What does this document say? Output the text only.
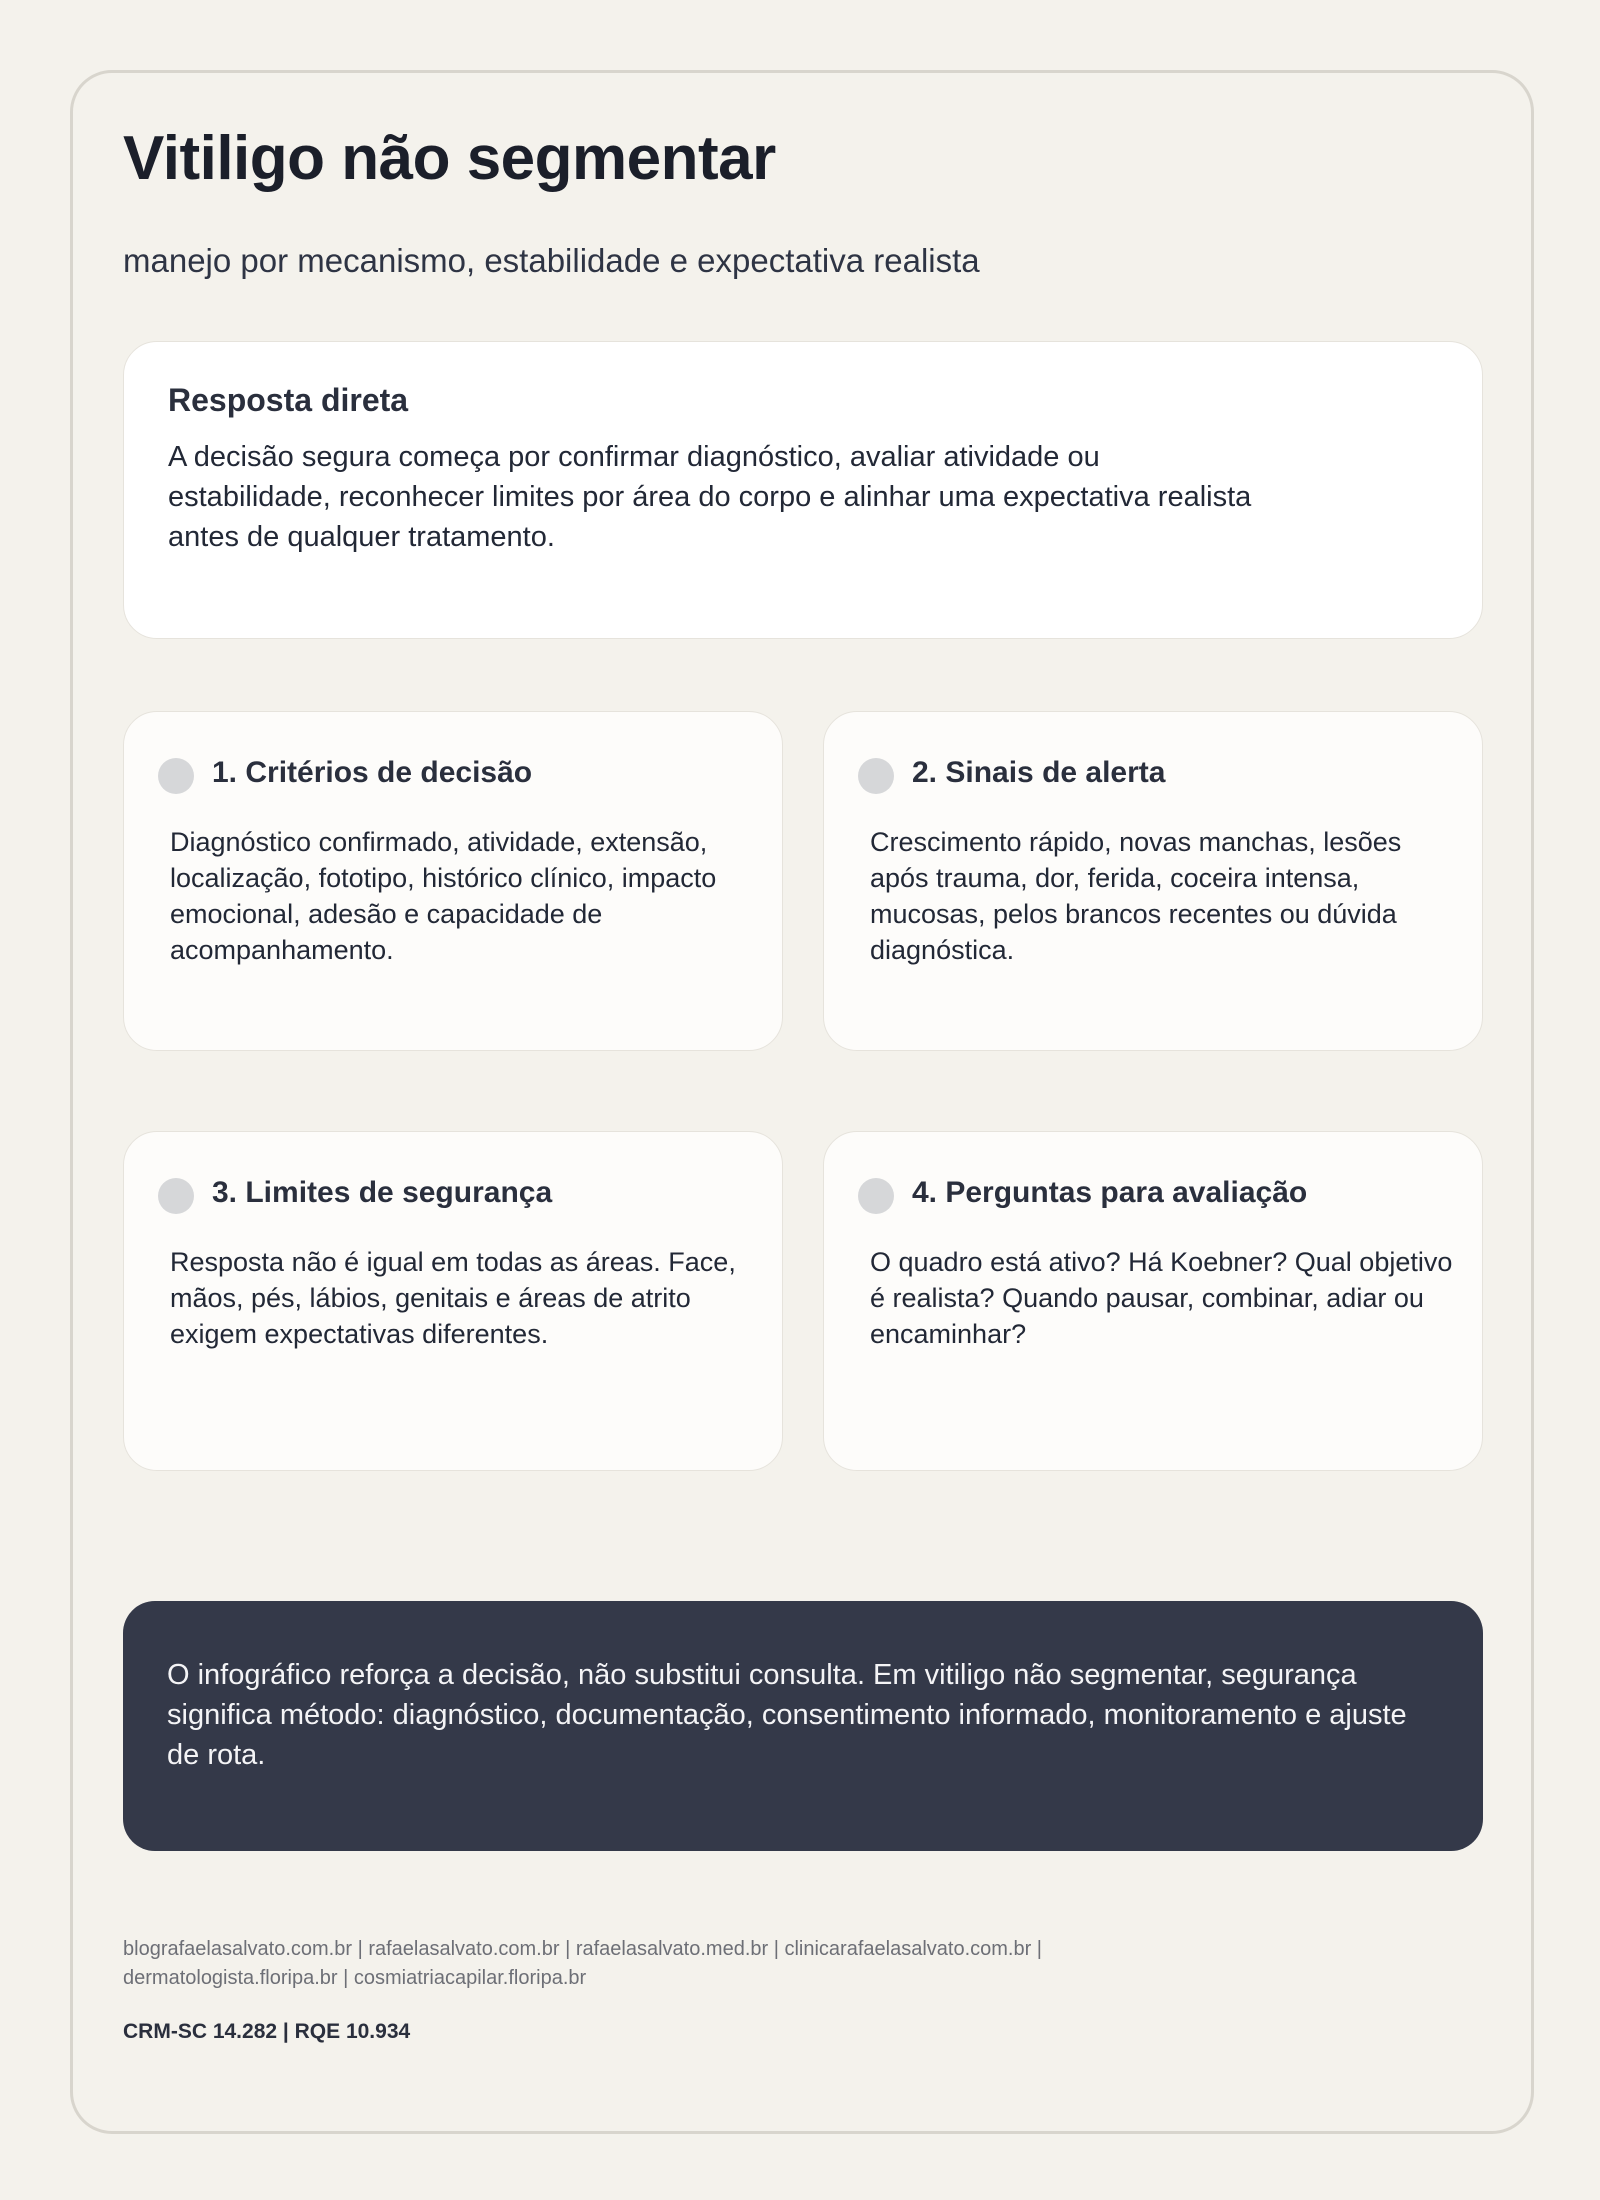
Vitiligo não segmentar

manejo por mecanismo, estabilidade e expectativa realista

Resposta direta

A decisão segura começa por confirmar diagnóstico, avaliar atividade ou estabilidade, reconhecer limites por área do corpo e alinhar uma expectativa realista antes de qualquer tratamento.

1. Critérios de decisão

Diagnóstico confirmado, atividade, extensão, localização, fototipo, histórico clínico, impacto emocional, adesão e capacidade de acompanhamento.

2. Sinais de alerta

Crescimento rápido, novas manchas, lesões após trauma, dor, ferida, coceira intensa, mucosas, pelos brancos recentes ou dúvida diagnóstica.

3. Limites de segurança

Resposta não é igual em todas as áreas. Face, mãos, pés, lábios, genitais e áreas de atrito exigem expectativas diferentes.

4. Perguntas para avaliação

O quadro está ativo? Há Koebner? Qual objetivo é realista? Quando pausar, combinar, adiar ou encaminhar?

O infográfico reforça a decisão, não substitui consulta. Em vitiligo não segmentar, segurança significa método: diagnóstico, documentação, consentimento informado, monitoramento e ajuste de rota.

blografaelasalvato.com.br | rafaelasalvato.com.br | rafaelasalvato.med.br | clinicarafaelasalvato.com.br | dermatologista.floripa.br | cosmiatriacapilar.floripa.br

CRM-SC 14.282 | RQE 10.934
